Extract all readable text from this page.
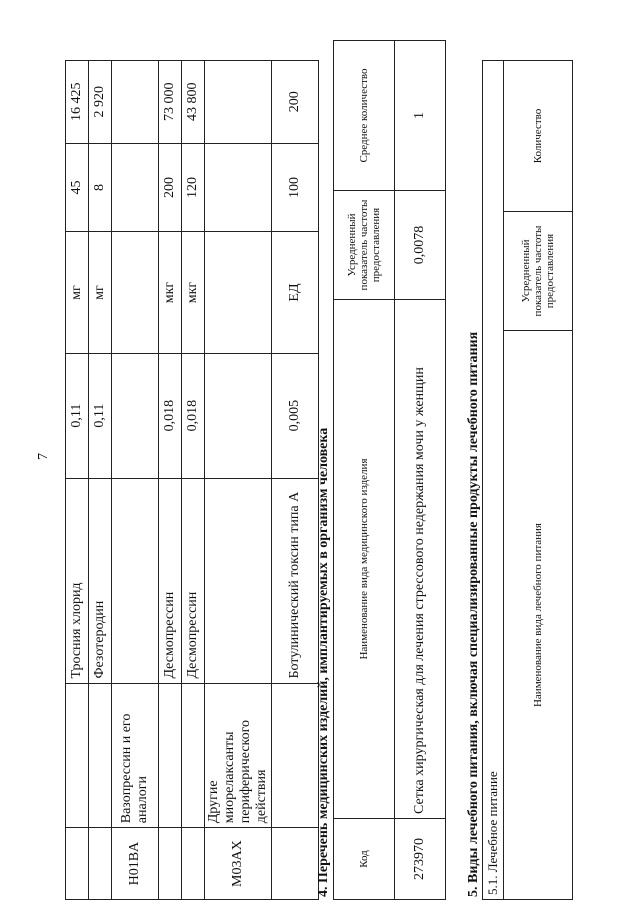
7
		Тросния хлорид	0,11	мг	45	16 425
		Фезотеродин	0,11	мг	8	2 920
H01BA	Вазопрессин и его аналоги					
		Десмопрессин	0,018	мкг	200	73 000
		Десмопрессин	0,018	мкг	120	43 800
M03AX	Другие миорелаксанты периферического действия					
		Ботулинический токсин типа А	0,005	ЕД	100	200
4. Перечень медицинских изделий, имплантируемых в организм человека Код	Наименование вида медицинского изделия	Усредненный показатель частоты предоставления	Среднее количество
273970	Сетка хирургическая для лечения стрессового недержания мочи у женщин	0,0078	1
5. Виды лечебного питания, включая специализированные продукты лечебного питания 5.1. Лечебное питание
Наименование вида лечебного питания	Усредненный показатель частоты предоставления	Количество
